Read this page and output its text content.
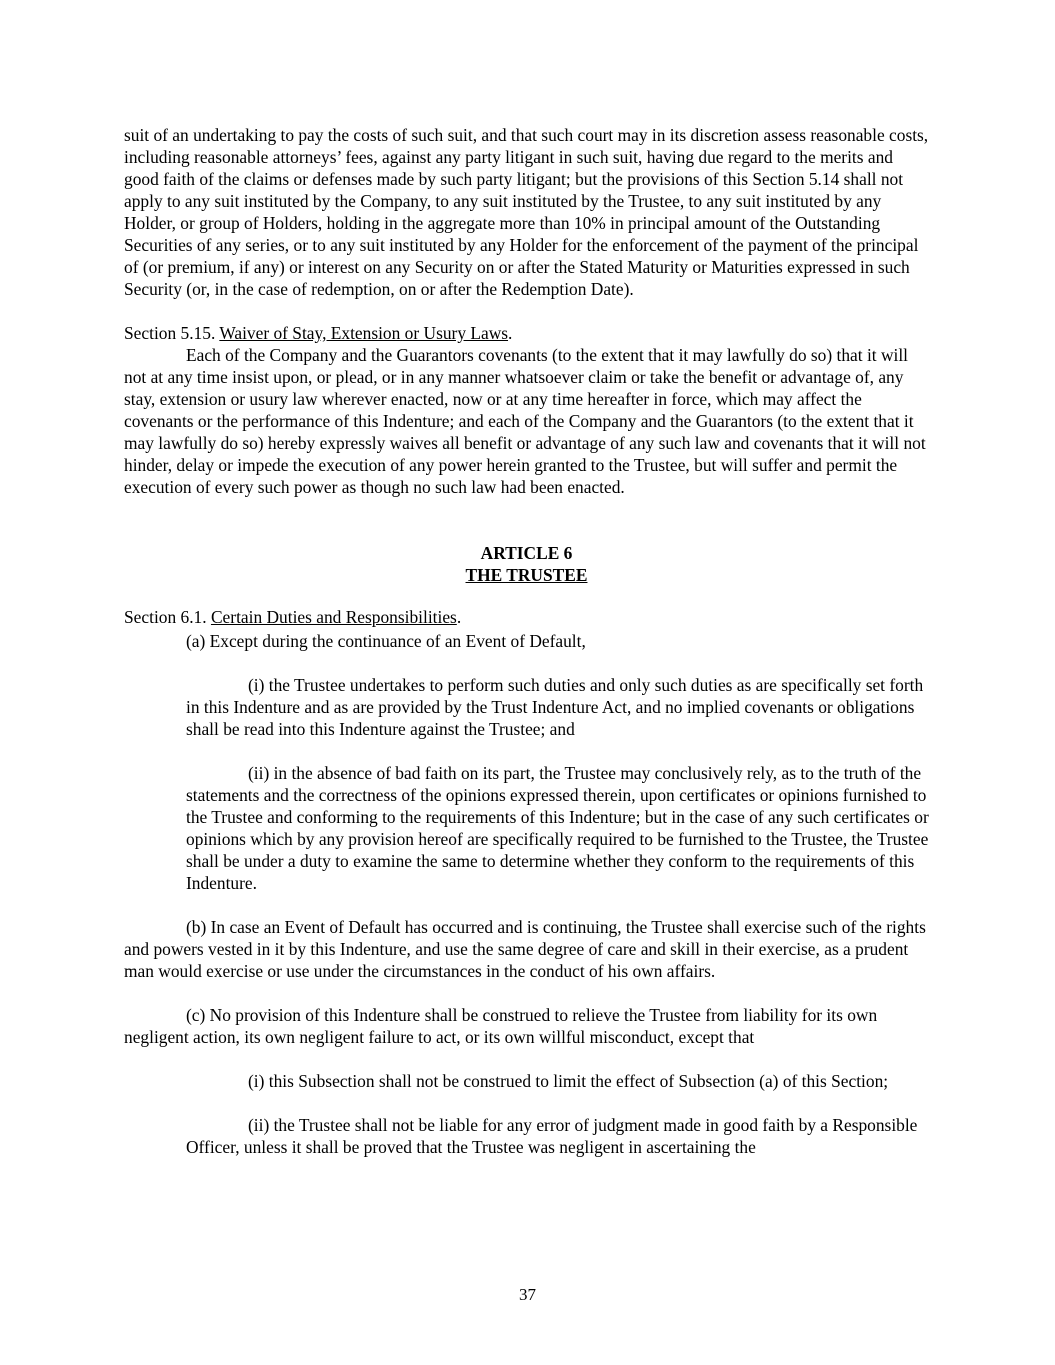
suit of an undertaking to pay the costs of such suit, and that such court may in its discretion assess reasonable costs, including reasonable attorneys’ fees, against any party litigant in such suit, having due regard to the merits and good faith of the claims or defenses made by such party litigant; but the provisions of this Section 5.14 shall not apply to any suit instituted by the Company, to any suit instituted by the Trustee, to any suit instituted by any Holder, or group of Holders, holding in the aggregate more than 10% in principal amount of the Outstanding Securities of any series, or to any suit instituted by any Holder for the enforcement of the payment of the principal of (or premium, if any) or interest on any Security on or after the Stated Maturity or Maturities expressed in such Security (or, in the case of redemption, on or after the Redemption Date).

Section 5.15. Waiver of Stay, Extension or Usury Laws.

Each of the Company and the Guarantors covenants (to the extent that it may lawfully do so) that it will not at any time insist upon, or plead, or in any manner whatsoever claim or take the benefit or advantage of, any stay, extension or usury law wherever enacted, now or at any time hereafter in force, which may affect the covenants or the performance of this Indenture; and each of the Company and the Guarantors (to the extent that it may lawfully do so) hereby expressly waives all benefit or advantage of any such law and covenants that it will not hinder, delay or impede the execution of any power herein granted to the Trustee, but will suffer and permit the execution of every such power as though no such law had been enacted.

ARTICLE 6
THE TRUSTEE

Section 6.1. Certain Duties and Responsibilities.

(a) Except during the continuance of an Event of Default,

(i) the Trustee undertakes to perform such duties and only such duties as are specifically set forth in this Indenture and as are provided by the Trust Indenture Act, and no implied covenants or obligations shall be read into this Indenture against the Trustee; and

(ii) in the absence of bad faith on its part, the Trustee may conclusively rely, as to the truth of the statements and the correctness of the opinions expressed therein, upon certificates or opinions furnished to the Trustee and conforming to the requirements of this Indenture; but in the case of any such certificates or opinions which by any provision hereof are specifically required to be furnished to the Trustee, the Trustee shall be under a duty to examine the same to determine whether they conform to the requirements of this Indenture.

(b) In case an Event of Default has occurred and is continuing, the Trustee shall exercise such of the rights and powers vested in it by this Indenture, and use the same degree of care and skill in their exercise, as a prudent man would exercise or use under the circumstances in the conduct of his own affairs.

(c) No provision of this Indenture shall be construed to relieve the Trustee from liability for its own negligent action, its own negligent failure to act, or its own willful misconduct, except that

(i) this Subsection shall not be construed to limit the effect of Subsection (a) of this Section;

(ii) the Trustee shall not be liable for any error of judgment made in good faith by a Responsible Officer, unless it shall be proved that the Trustee was negligent in ascertaining the

37
